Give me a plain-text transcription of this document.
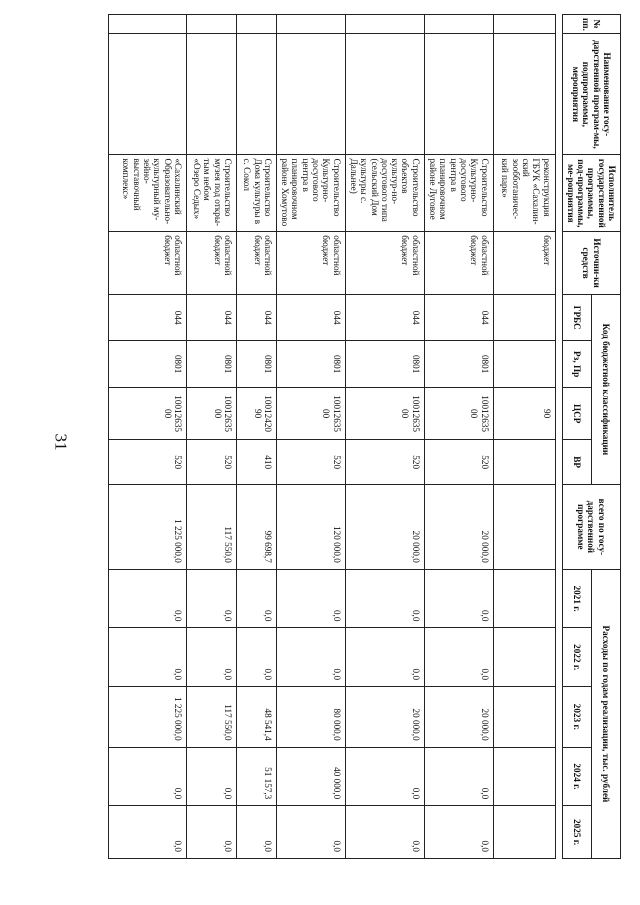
31
№ пп.	Наименование госу-дарственной програм-мы, подпрограммы, мероприятия	Исполнитель государственной программы, под-программы, ме-роприятия	Источни-ки средств	Код бюджетной классификации				всего по госу-дарственной программе	Расходы по годам реализации, тыс. рублей				
				ГРБС	Рз, Пр	ЦСР	ВР		2021 г.	2022 г.	2023 г.	2024 г.	2025 г.

		реконструкция ГБУК «Сахалин-ский зообботаничес-кий парк»	бюджет			90							
		Строительство Культурно-досугового центра в планировочном районе Луговое	областной бюджет	044	0801	10012635 00	520	20 000,0	0,0	0,0	20 000,0	0,0	0,0
		Строительство объектов культур-но-досугового типа (сельский Дом культуры с. Дальнее)	областной бюджет	044	0801	10012635 00	520	20 000,0	0,0	0,0	20 000,0	0,0	0,0
		Строительство Культурно-досугового центра в планировочном районе Хомутово	областной бюджет	044	0801	10012635 00	520	120 000,0	0,0	0,0	80 000,0	40 000,0	0,0
		Строительство Дома культуры в с. Сокол	областной бюджет	044	0801	10012420 90	410	99 698,7	0,0	0,0	48 541,4	51 157,3	0,0
		Строительство музея под откры-тым небом «Озеро Седых»	областной бюджет	044	0801	10012635 00	520	117 550,0	0,0	0,0	117 550,0	0,0	0,0
		«Сахалинский Образовательно-культурный му-зейно-выставочный комплекс»	областной бюджет	044	0801	10012635 00	520	1 225 000,0	0,0	0,0	1 225 000,0	0,0	0,0
